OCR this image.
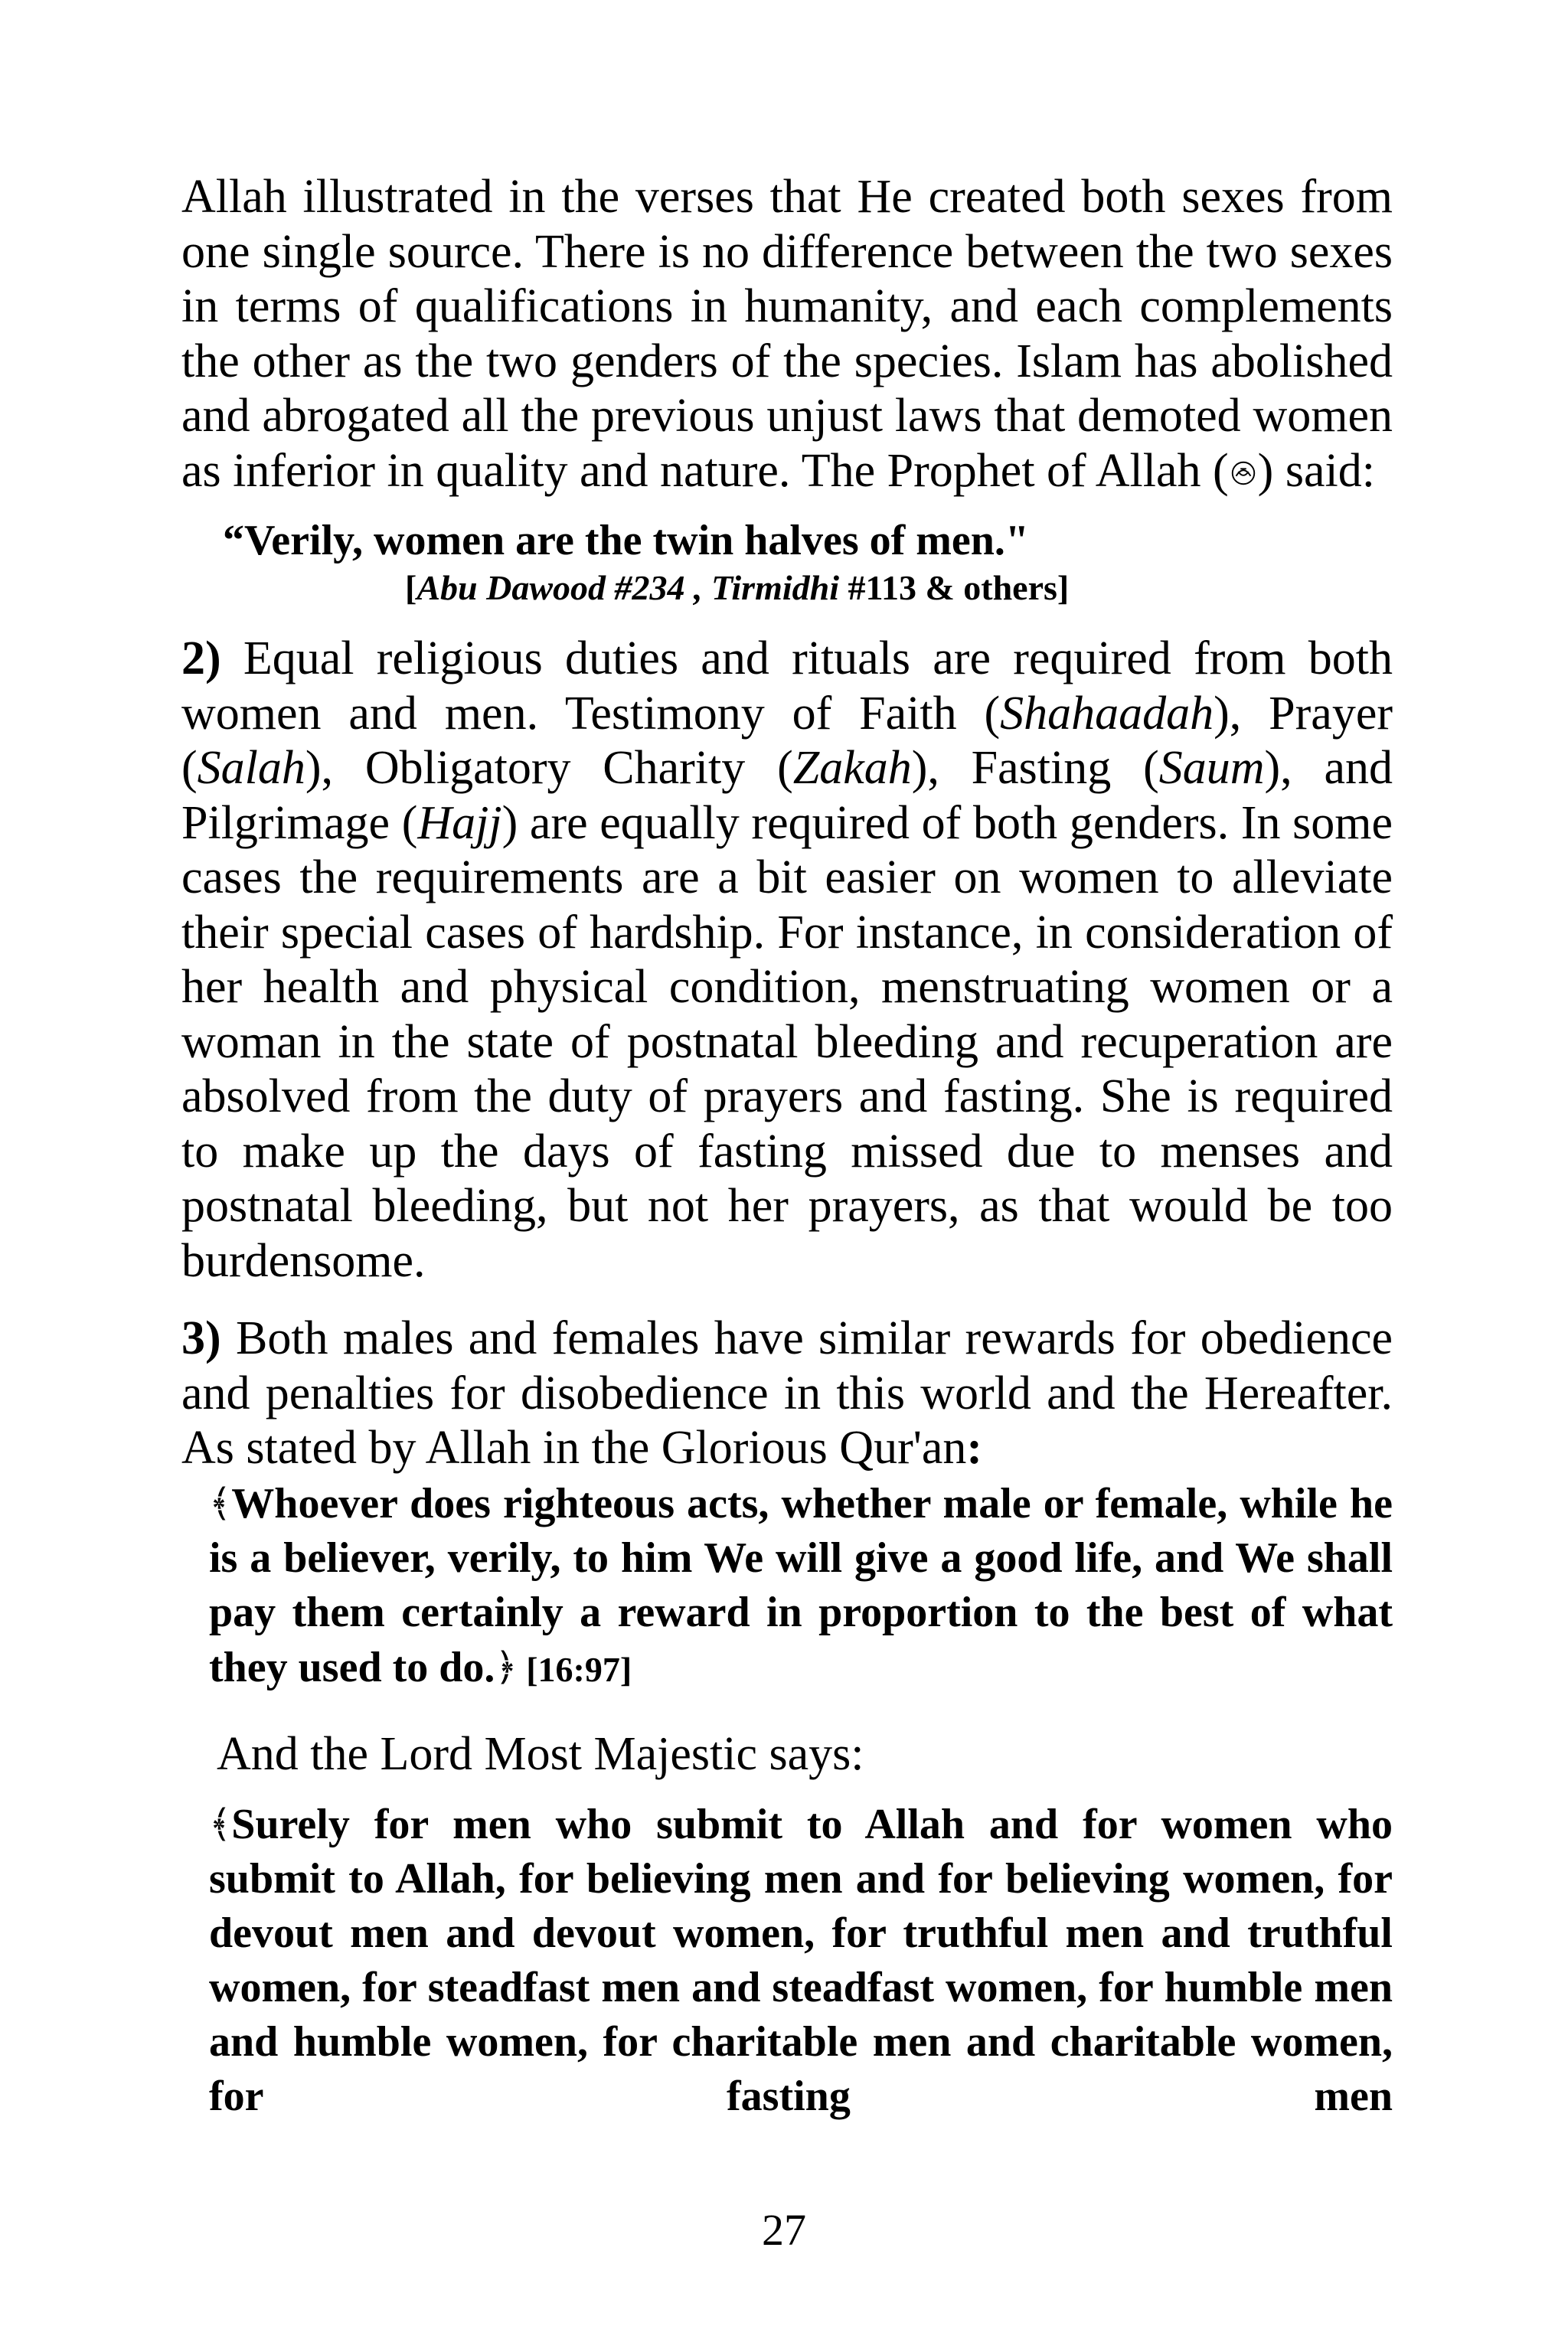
Allah illustrated in the verses that He created both sexes from one single source. There is no difference between the two sexes in terms of qualifications in humanity, and each complements the other as the two genders of the species. Islam has abolished and abrogated all the previous unjust laws that demoted women as inferior in quality and nature. The Prophet of Allah ( ) said:

“Verily, women are the twin halves of men."

[Abu Dawood #234 , Tirmidhi #113 & others]

2) Equal religious duties and rituals are required from both women and men. Testimony of Faith (Shahaadah), Prayer (Salah), Obligatory Charity (Zakah), Fasting (Saum), and Pilgrimage (Hajj) are equally required of both genders. In some cases the requirements are a bit easier on women to alleviate their special cases of hardship. For instance, in consideration of her health and physical condition, menstruating women or a woman in the state of postnatal bleeding and recuperation are absolved from the duty of prayers and fasting. She is required to make up the days of fasting missed due to menses and postnatal bleeding, but not her prayers, as that would be too burdensome.

3) Both males and females have similar rewards for obedience and penalties for disobedience in this world and the Hereafter. As stated by Allah in the Glorious Qur'an:

﴾Whoever does righteous acts, whether male or female, while he is a believer, verily, to him We will give a good life, and We shall pay them certainly a reward in proportion to the best of what they used to do.﴿ [16:97]

And the Lord Most Majestic says:

﴾Surely for men who submit to Allah and for women who submit to Allah, for believing men and for believing women, for devout men and devout women, for truthful men and truthful women, for steadfast men and steadfast women, for humble men and humble women, for charitable men and charitable women, for fasting men

27
